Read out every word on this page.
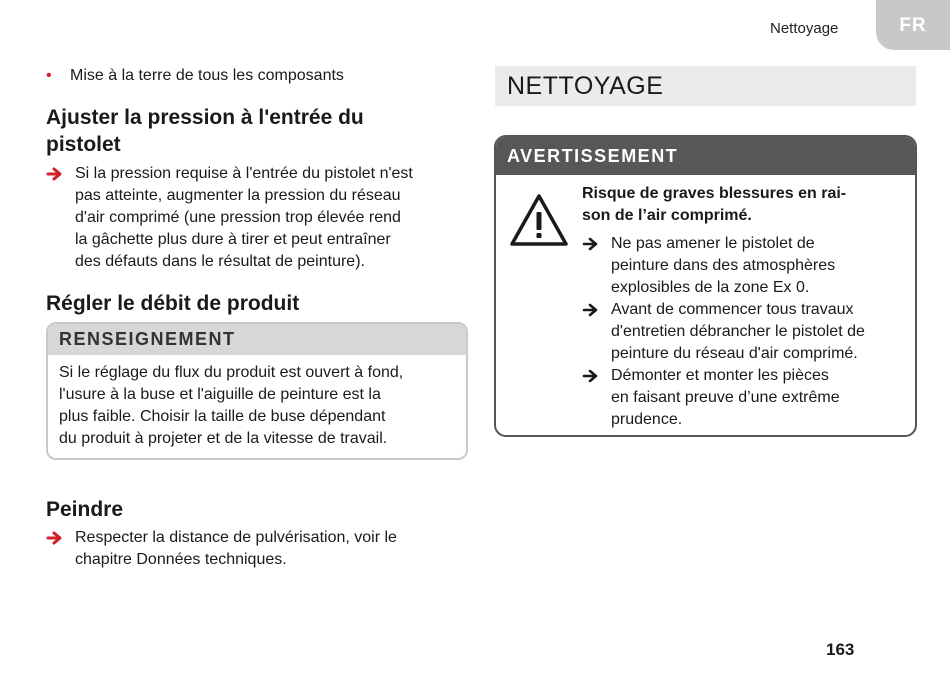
Nettoyage	FR
• Mise à la terre de tous les composants
Ajuster la pression à l'entrée du
pistolet
Si la pression requise à l'entrée du pistolet n'est
pas atteinte, augmenter la pression du réseau
d'air comprimé (une pression trop élevée rend
la gâchette plus dure à tirer et peut entraîner
des défauts dans le résultat de peinture).
Régler le débit de produit
RENSEIGNEMENT
Si le réglage du flux du produit est ouvert à fond,
l'usure à la buse et l'aiguille de peinture est la
plus faible. Choisir la taille de buse dépendant
du produit à projeter et de la vitesse de travail.
Peindre
Respecter la distance de pulvérisation, voir le
chapitre Données techniques.
NETTOYAGE
AVERTISSEMENT
Risque de graves blessures en rai-
son de l’air comprimé.
Ne pas amener le pistolet de
peinture dans des atmosphères
explosibles de la zone Ex 0.
Avant de commencer tous travaux
d'entretien débrancher le pistolet de
peinture du réseau d'air comprimé.
Démonter et monter les pièces
en faisant preuve d’une extrême
prudence.
163
